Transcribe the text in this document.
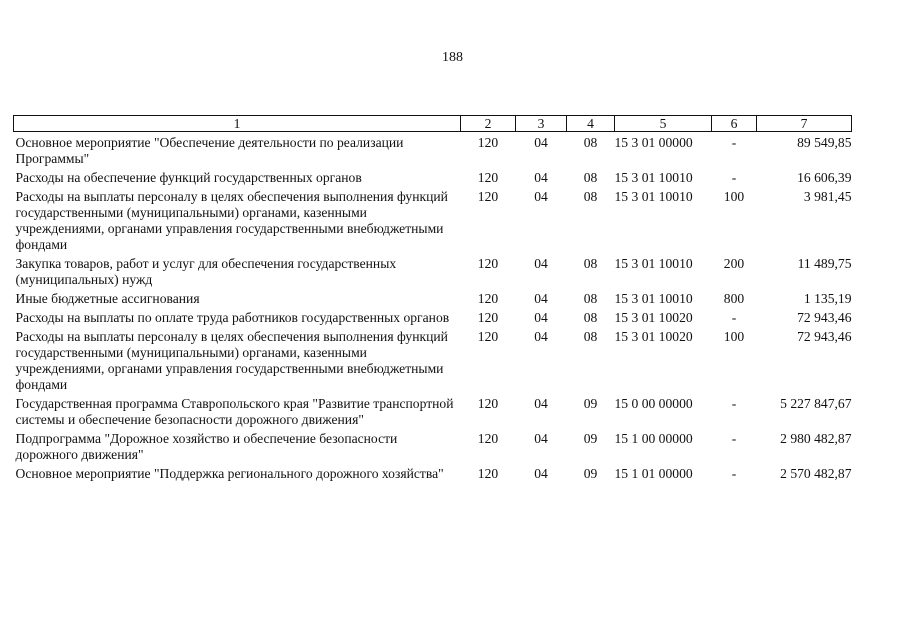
188
1	2	3	4	5	6	7
Основное мероприятие "Обеспечение деятельности по реализации Программы"	120	04	08	15 3 01 00000	-	89 549,85
Расходы на обеспечение функций государственных органов	120	04	08	15 3 01 10010	-	16 606,39
Расходы на выплаты персоналу в целях обеспечения выполнения функций государственными (муниципальными) органами, казенными учреждениями, органами управления государственными внебюджетными фондами	120	04	08	15 3 01 10010	100	3 981,45
Закупка товаров, работ и услуг для обеспечения государственных (муниципальных) нужд	120	04	08	15 3 01 10010	200	11 489,75
Иные бюджетные ассигнования	120	04	08	15 3 01 10010	800	1 135,19
Расходы на выплаты по оплате труда работников государственных органов	120	04	08	15 3 01 10020	-	72 943,46
Расходы на выплаты персоналу в целях обеспечения выполнения функций государственными (муниципальными) органами, казенными учреждениями, органами управления государственными внебюджетными фондами	120	04	08	15 3 01 10020	100	72 943,46
Государственная программа Ставропольского края "Развитие транспортной системы и обеспечение безопасности дорожного движения"	120	04	09	15 0 00 00000	-	5 227 847,67
Подпрограмма "Дорожное хозяйство и обеспечение безопасности дорожного движения"	120	04	09	15 1 00 00000	-	2 980 482,87
Основное мероприятие "Поддержка регионального дорожного хозяйства"	120	04	09	15 1 01 00000	-	2 570 482,87
